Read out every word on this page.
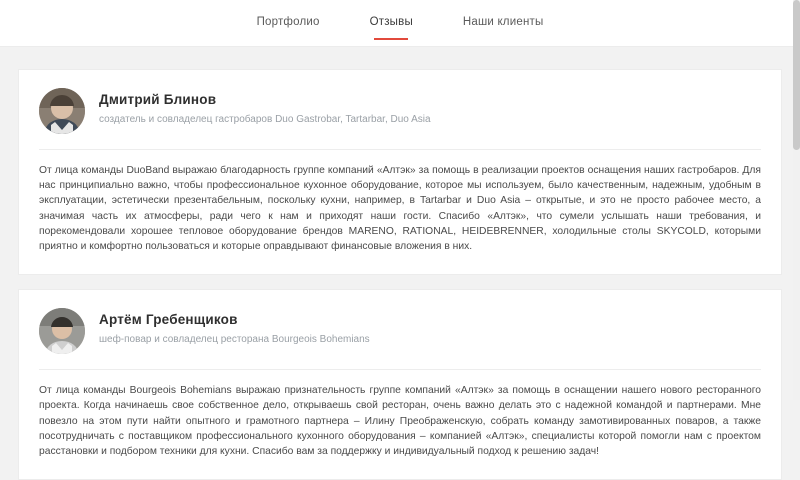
Портфолио	Отзывы	Наши клиенты
Дмитрий Блинов
создатель и совладелец гастробаров Duo Gastrobar, Tartarbar, Duo Asia

От лица команды DuoBand выражаю благодарность группе компаний «Алтэк» за помощь в реализации проектов оснащения наших гастробаров. Для нас принципиально важно, чтобы профессиональное кухонное оборудование, которое мы используем, было качественным, надежным, удобным в эксплуатации, эстетически презентабельным, поскольку кухни, например, в Tartarbar и Duo Asia – открытые, и это не просто рабочее место, а значимая часть их атмосферы, ради чего к нам и приходят наши гости. Спасибо «Алтэк», что сумели услышать наши требования, и порекомендовали хорошее тепловое оборудование брендов MARENO, RATIONAL, HEIDEBRENNER, холодильные столы SKYCOLD, которыми приятно и комфортно пользоваться и которые оправдывают финансовые вложения в них.

Артём Гребенщиков
шеф-повар и совладелец ресторана Bourgeois Bohemians

От лица команды Bourgeois Bohemians выражаю признательность группе компаний «Алтэк» за помощь в оснащении нашего нового ресторанного проекта. Когда начинаешь свое собственное дело, открываешь свой ресторан, очень важно делать это с надежной командой и партнерами. Мне повезло на этом пути найти опытного и грамотного партнера – Илину Преображенскую, собрать команду замотивированных поваров, а также посотрудничать с поставщиком профессионального кухонного оборудования – компанией «Алтэк», специалисты которой помогли нам с проектом расстановки и подбором техники для кухни. Спасибо вам за поддержку и индивидуальный подход к решению задач!
